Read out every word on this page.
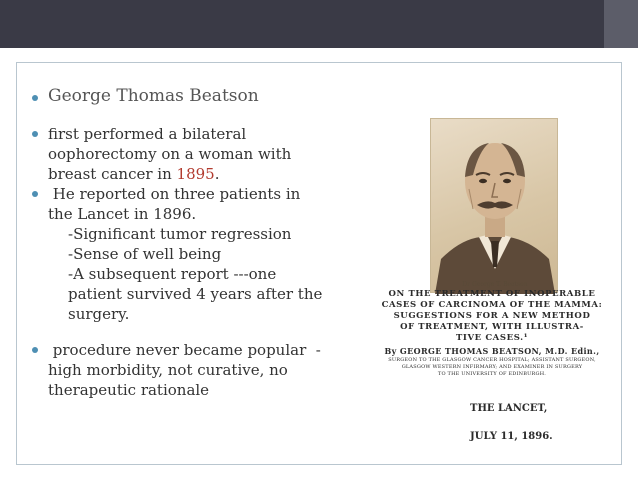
George Thomas Beatson
first performed a bilateral
oophorectomy on a woman with
breast cancer in 1895.
He reported on three patients in
the Lancet in 1896.
-Significant tumor regression
-Sense of well being
-A subsequent report ---one
patient survived 4 years after the
surgery.
procedure never became popular  -
high morbidity, not curative, no
therapeutic rationale
Dr George T. Beatson
ON THE TREATMENT OF INOPERABLE
CASES OF CARCINOMA OF THE MAMMA:
SUGGESTIONS FOR A NEW METHOD
OF TREATMENT, WITH ILLUSTRA-
TIVE CASES.¹
By GEORGE THOMAS BEATSON, M.D. Edin.,
SURGEON TO THE GLASGOW CANCER HOSPITAL; ASSISTANT SURGEON,
GLASGOW WESTERN INFIRMARY; AND EXAMINER IN SURGERY
TO THE UNIVERSITY OF EDINBURGH.
THE LANCET,
JULY 11, 1896.
